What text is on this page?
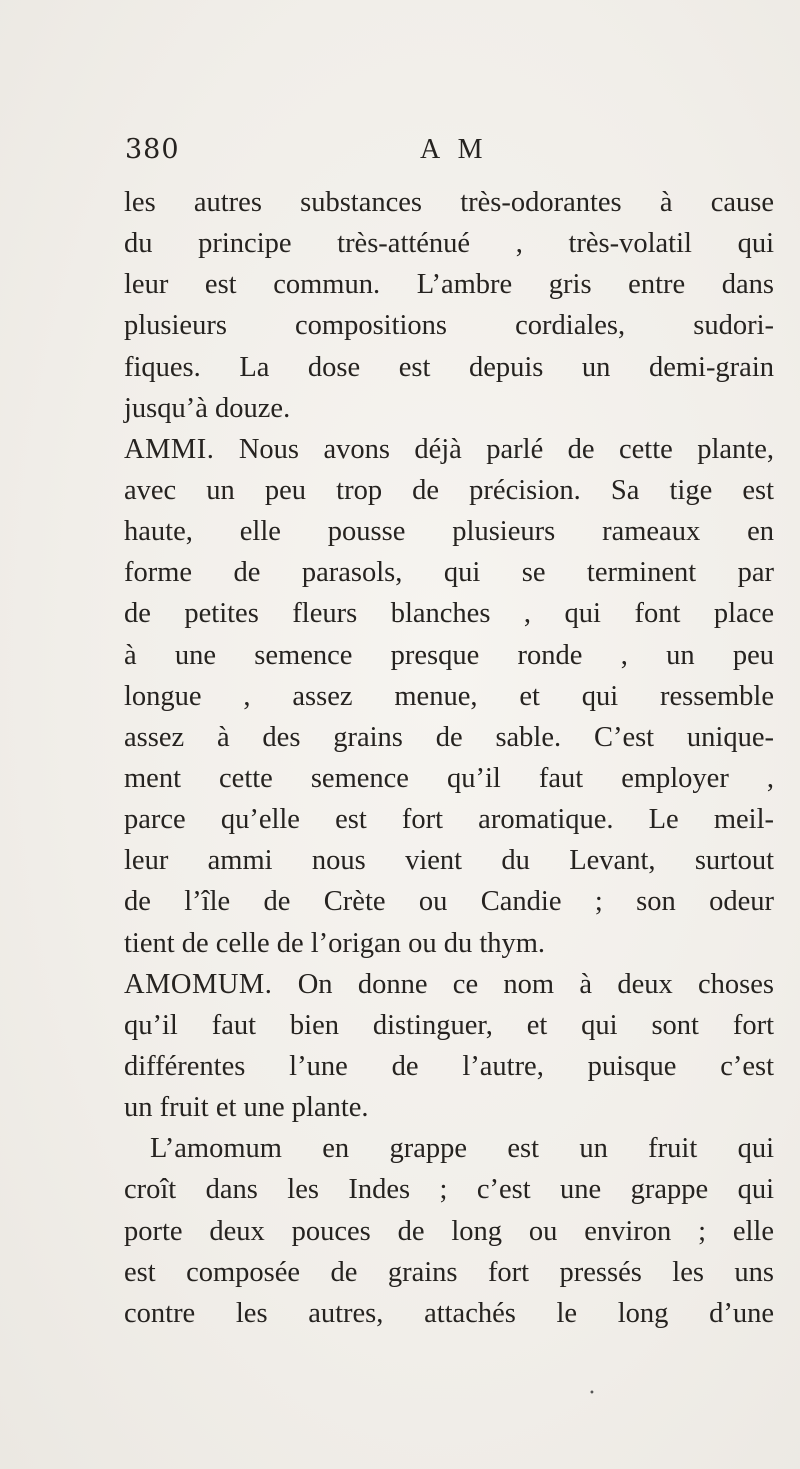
380	A M
les autres substances très-odorantes à cause
du principe très-atténué , très-volatil qui
leur est commun. L’ambre gris entre dans
plusieurs compositions cordiales, sudori-
fiques. La dose est depuis un demi-grain
jusqu’à douze.
AMMI. Nous avons déjà parlé de cette plante,
avec un peu trop de précision. Sa tige est
haute, elle pousse plusieurs rameaux en
forme de parasols, qui se terminent par
de petites fleurs blanches , qui font place
à une semence presque ronde , un peu
longue , assez menue, et qui ressemble
assez à des grains de sable. C’est unique-
ment cette semence qu’il faut employer ,
parce qu’elle est fort aromatique. Le meil-
leur ammi nous vient du Levant, surtout
de l’île de Crète ou Candie ; son odeur
tient de celle de l’origan ou du thym.
AMOMUM. On donne ce nom à deux choses
qu’il faut bien distinguer, et qui sont fort
différentes l’une de l’autre, puisque c’est
un fruit et une plante.
L’amomum en grappe est un fruit qui
croît dans les Indes ; c’est une grappe qui
porte deux pouces de long ou environ ; elle
est composée de grains fort pressés les uns
contre les autres, attachés le long d’une
•
